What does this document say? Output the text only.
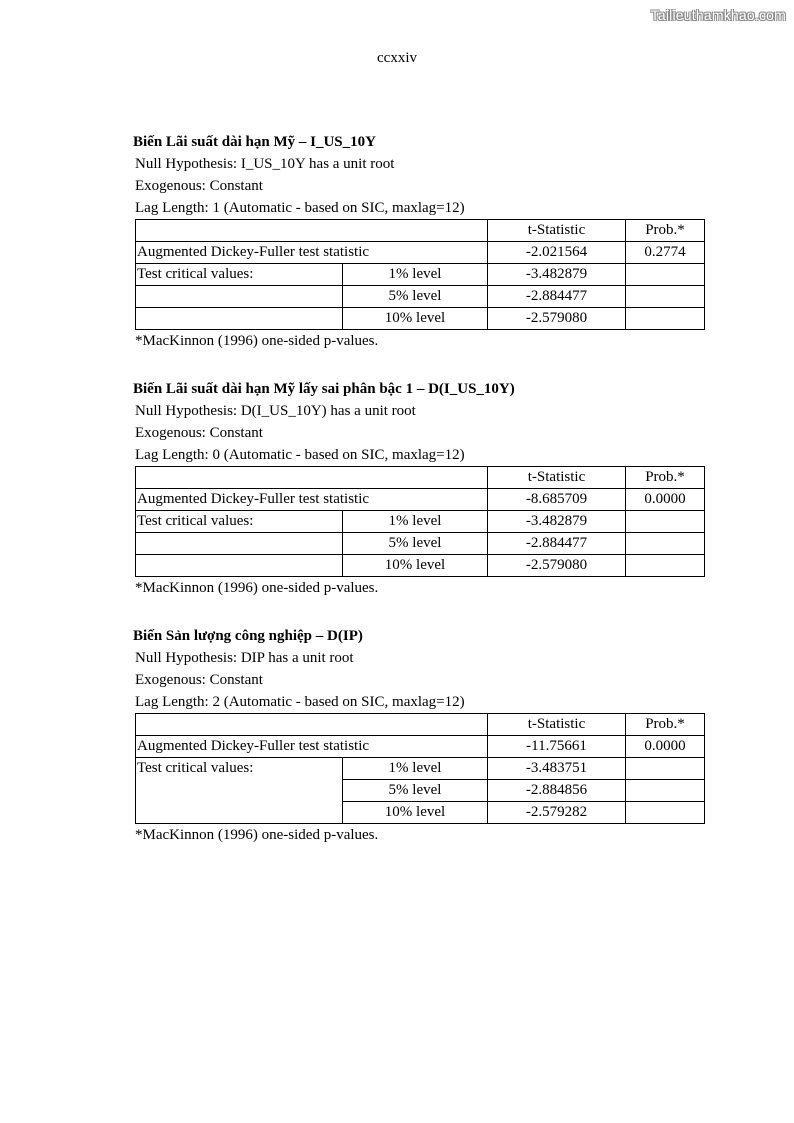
Tailieuthamkhao.com
ccxxiv
Biến Lãi suất dài hạn Mỹ – I_US_10Y
Null Hypothesis: I_US_10Y has a unit root
Exogenous: Constant
Lag Length: 1 (Automatic - based on SIC, maxlag=12)
		t-Statistic	Prob.*
Augmented Dickey-Fuller test statistic		-2.021564	0.2774
Test critical values:	1% level	-3.482879	
	5% level	-2.884477	
	10% level	-2.579080	
*MacKinnon (1996) one-sided p-values.
Biến Lãi suất dài hạn Mỹ lấy sai phân bậc 1 – D(I_US_10Y)
Null Hypothesis: D(I_US_10Y) has a unit root
Exogenous: Constant
Lag Length: 0 (Automatic - based on SIC, maxlag=12)
		t-Statistic	Prob.*
Augmented Dickey-Fuller test statistic		-8.685709	0.0000
Test critical values:	1% level	-3.482879	
	5% level	-2.884477	
	10% level	-2.579080	
*MacKinnon (1996) one-sided p-values.
Biến Sản lượng công nghiệp – D(IP)
Null Hypothesis: DIP has a unit root
Exogenous: Constant
Lag Length: 2 (Automatic - based on SIC, maxlag=12)
		t-Statistic	Prob.*
Augmented Dickey-Fuller test statistic		-11.75661	0.0000
Test critical values:	1% level	-3.483751	
	5% level	-2.884856	
	10% level	-2.579282	
*MacKinnon (1996) one-sided p-values.
